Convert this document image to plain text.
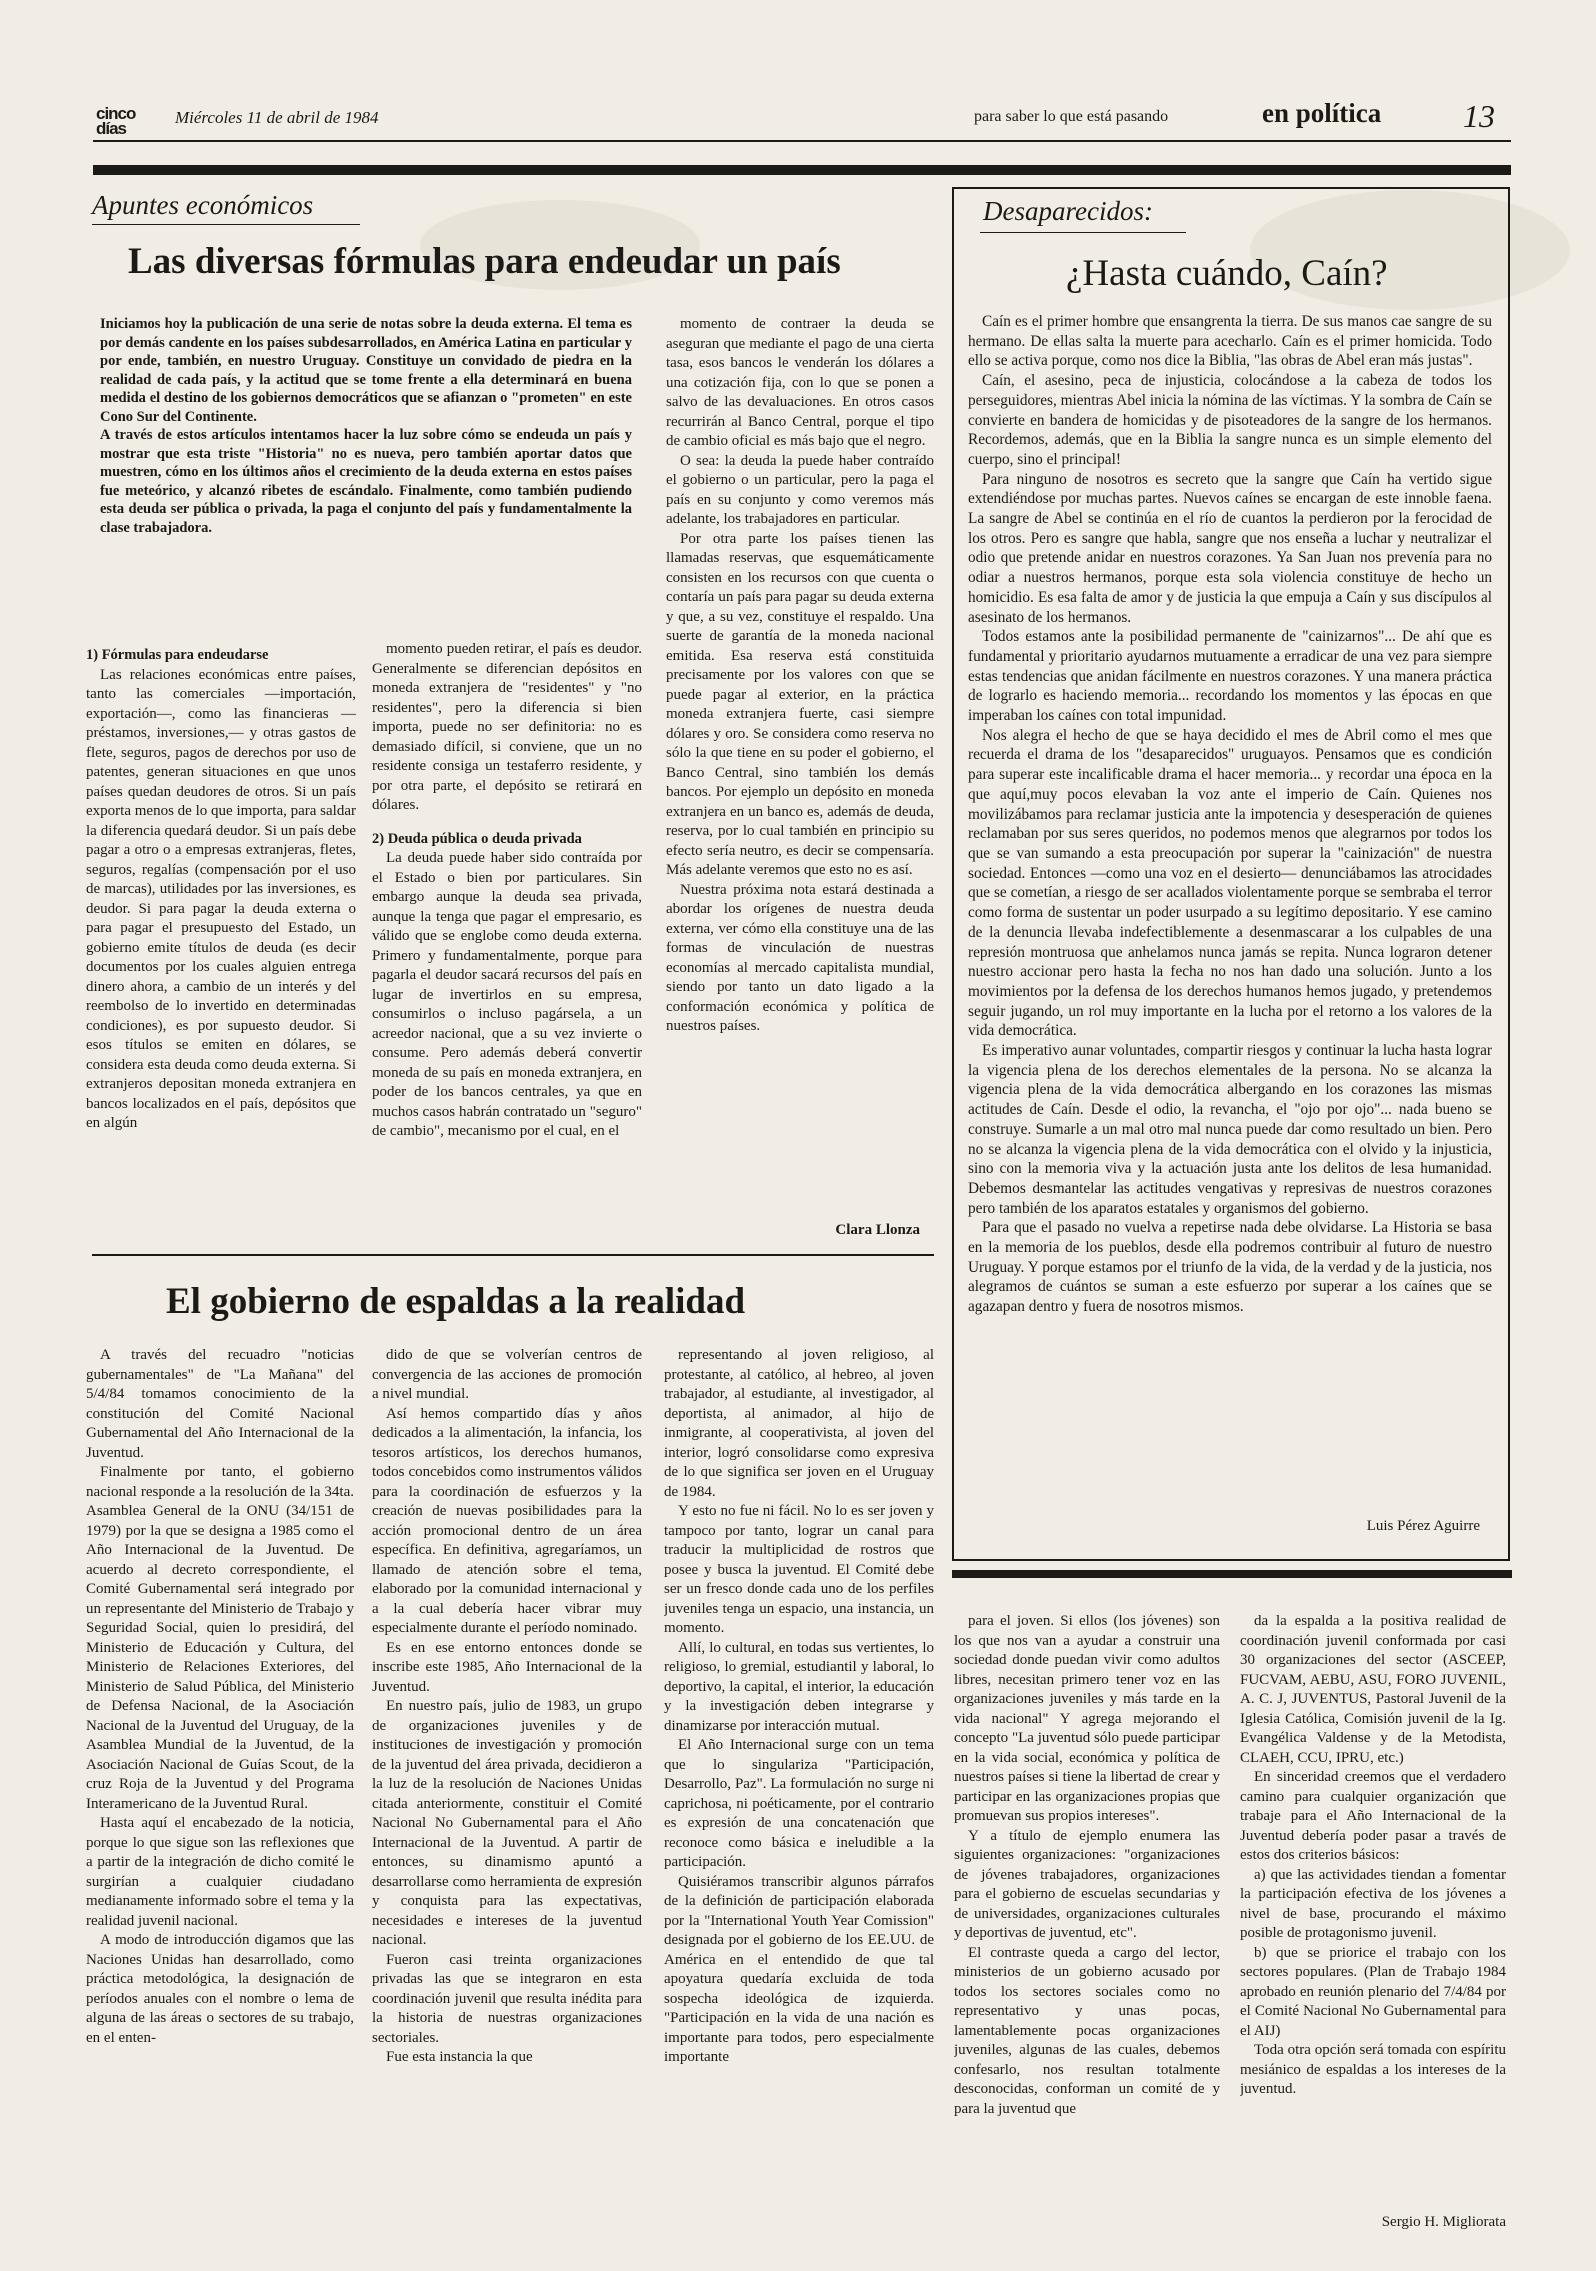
cinco
días
Miércoles 11 de abril de 1984	para saber lo que está pasando	en política	13
Apuntes económicos
Las diversas fórmulas para endeudar un país

Iniciamos hoy la publicación de una serie de notas sobre la deuda externa. El tema es por demás candente en los países subdesarrollados, en América Latina en particular y por ende, también, en nuestro Uruguay. Constituye un convidado de piedra en la realidad de cada país, y la actitud que se tome frente a ella determinará en buena medida el destino de los gobiernos democráticos que se afianzan o "prometen" en este Cono Sur del Continente.

A través de estos artículos intentamos hacer la luz sobre cómo se endeuda un país y mostrar que esta triste "Historia" no es nueva, pero también aportar datos que muestren, cómo en los últimos años el crecimiento de la deuda externa en estos países fue meteórico, y alcanzó ribetes de escándalo. Finalmente, como también pudiendo esta deuda ser pública o privada, la paga el conjunto del país y fundamentalmente la clase trabajadora.

1) Fórmulas para endeudarse

Las relaciones económicas entre países, tanto las comerciales —importación, exportación—, como las financieras —préstamos, inversiones,— y otras gastos de flete, seguros, pagos de derechos por uso de patentes, generan situaciones en que unos países quedan deudores de otros. Si un país exporta menos de lo que importa, para saldar la diferencia quedará deudor. Si un país debe pagar a otro o a empresas extranjeras, fletes, seguros, regalías (compensación por el uso de marcas), utilidades por las inversiones, es deudor. Si para pagar la deuda externa o para pagar el presupuesto del Estado, un gobierno emite títulos de deuda (es decir documentos por los cuales alguien entrega dinero ahora, a cambio de un interés y del reembolso de lo invertido en determinadas condiciones), es por supuesto deudor. Si esos títulos se emiten en dólares, se considera esta deuda como deuda externa. Si extranjeros depositan moneda extranjera en bancos localizados en el país, depósitos que en algún

momento pueden retirar, el país es deudor. Generalmente se diferencian depósitos en moneda extranjera de "residentes" y "no residentes", pero la diferencia si bien importa, puede no ser definitoria: no es demasiado difícil, si conviene, que un no residente consiga un testaferro residente, y por otra parte, el depósito se retirará en dólares.

2) Deuda pública o deuda privada

La deuda puede haber sido contraída por el Estado o bien por particulares. Sin embargo aunque la deuda sea privada, aunque la tenga que pagar el empresario, es válido que se englobe como deuda externa. Primero y fundamentalmente, porque para pagarla el deudor sacará recursos del país en lugar de invertirlos en su empresa, consumirlos o incluso pagársela, a un acreedor nacional, que a su vez invierte o consume. Pero además deberá convertir moneda de su país en moneda extranjera, en poder de los bancos centrales, ya que en muchos casos habrán contratado un "seguro" de cambio", mecanismo por el cual, en el

momento de contraer la deuda se aseguran que mediante el pago de una cierta tasa, esos bancos le venderán los dólares a una cotización fija, con lo que se ponen a salvo de las devaluaciones. En otros casos recurrirán al Banco Central, porque el tipo de cambio oficial es más bajo que el negro.

O sea: la deuda la puede haber contraído el gobierno o un particular, pero la paga el país en su conjunto y como veremos más adelante, los trabajadores en particular.

Por otra parte los países tienen las llamadas reservas, que esquemáticamente consisten en los recursos con que cuenta o contaría un país para pagar su deuda externa y que, a su vez, constituye el respaldo. Una suerte de garantía de la moneda nacional emitida. Esa reserva está constituida precisamente por los valores con que se puede pagar al exterior, en la práctica moneda extranjera fuerte, casi siempre dólares y oro. Se considera como reserva no sólo la que tiene en su poder el gobierno, el Banco Central, sino también los demás bancos. Por ejemplo un depósito en moneda extranjera en un banco es, además de deuda, reserva, por lo cual también en principio su efecto sería neutro, es decir se compensaría. Más adelante veremos que esto no es así.

Nuestra próxima nota estará destinada a abordar los orígenes de nuestra deuda externa, ver cómo ella constituye una de las formas de vinculación de nuestras economías al mercado capitalista mundial, siendo por tanto un dato ligado a la conformación económica y política de nuestros países.

Clara Llonza
Desaparecidos:
¿Hasta cuándo, Caín?

Caín es el primer hombre que ensangrenta la tierra. De sus manos cae sangre de su hermano. De ellas salta la muerte para acecharlo. Caín es el primer homicida. Todo ello se activa porque, como nos dice la Biblia, "las obras de Abel eran más justas".

Caín, el asesino, peca de injusticia, colocándose a la cabeza de todos los perseguidores, mientras Abel inicia la nómina de las víctimas. Y la sombra de Caín se convierte en bandera de homicidas y de pisoteadores de la sangre de los hermanos. Recordemos, además, que en la Biblia la sangre nunca es un simple elemento del cuerpo, sino el principal!

Para ninguno de nosotros es secreto que la sangre que Caín ha vertido sigue extendiéndose por muchas partes. Nuevos caínes se encargan de este innoble faena. La sangre de Abel se continúa en el río de cuantos la perdieron por la ferocidad de los otros. Pero es sangre que habla, sangre que nos enseña a luchar y neutralizar el odio que pretende anidar en nuestros corazones. Ya San Juan nos prevenía para no odiar a nuestros hermanos, porque esta sola violencia constituye de hecho un homicidio. Es esa falta de amor y de justicia la que empuja a Caín y sus discípulos al asesinato de los hermanos.

Todos estamos ante la posibilidad permanente de "cainizarnos"... De ahí que es fundamental y prioritario ayudarnos mutuamente a erradicar de una vez para siempre estas tendencias que anidan fácilmente en nuestros corazones. Y una manera práctica de lograrlo es haciendo memoria... recordando los momentos y las épocas en que imperaban los caínes con total impunidad.

Nos alegra el hecho de que se haya decidido el mes de Abril como el mes que recuerda el drama de los "desaparecidos" uruguayos. Pensamos que es condición para superar este incalificable drama el hacer memoria... y recordar una época en la que aquí,muy pocos elevaban la voz ante el imperio de Caín. Quienes nos movilizábamos para reclamar justicia ante la impotencia y desesperación de quienes reclamaban por sus seres queridos, no podemos menos que alegrarnos por todos los que se van sumando a esta preocupación por superar la "cainización" de nuestra sociedad. Entonces —como una voz en el desierto— denunciábamos las atrocidades que se cometían, a riesgo de ser acallados violentamente porque se sembraba el terror como forma de sustentar un poder usurpado a su legítimo depositario. Y ese camino de la denuncia llevaba indefectiblemente a desenmascarar a los culpables de una represión montruosa que anhelamos nunca jamás se repita. Nunca lograron detener nuestro accionar pero hasta la fecha no nos han dado una solución. Junto a los movimientos por la defensa de los derechos humanos hemos jugado, y pretendemos seguir jugando, un rol muy importante en la lucha por el retorno a los valores de la vida democrática.

Es imperativo aunar voluntades, compartir riesgos y continuar la lucha hasta lograr la vigencia plena de los derechos elementales de la persona. No se alcanza la vigencia plena de la vida democrática albergando en los corazones las mismas actitudes de Caín. Desde el odio, la revancha, el "ojo por ojo"... nada bueno se construye. Sumarle a un mal otro mal nunca puede dar como resultado un bien. Pero no se alcanza la vigencia plena de la vida democrática con el olvido y la injusticia, sino con la memoria viva y la actuación justa ante los delitos de lesa humanidad. Debemos desmantelar las actitudes vengativas y represivas de nuestros corazones pero también de los aparatos estatales y organismos del gobierno.

Para que el pasado no vuelva a repetirse nada debe olvidarse. La Historia se basa en la memoria de los pueblos, desde ella podremos contribuir al futuro de nuestro Uruguay. Y porque estamos por el triunfo de la vida, de la verdad y de la justicia, nos alegramos de cuántos se suman a este esfuerzo por superar a los caínes que se agazapan dentro y fuera de nosotros mismos.

Luis Pérez Aguirre
El gobierno de espaldas a la realidad

A través del recuadro "noticias gubernamentales" de "La Mañana" del 5/4/84 tomamos conocimiento de la constitución del Comité Nacional Gubernamental del Año Internacional de la Juventud.

Finalmente por tanto, el gobierno nacional responde a la resolución de la 34ta. Asamblea General de la ONU (34/151 de 1979) por la que se designa a 1985 como el Año Internacional de la Juventud. De acuerdo al decreto correspondiente, el Comité Gubernamental será integrado por un representante del Ministerio de Trabajo y Seguridad Social, quien lo presidirá, del Ministerio de Educación y Cultura, del Ministerio de Relaciones Exteriores, del Ministerio de Salud Pública, del Ministerio de Defensa Nacional, de la Asociación Nacional de la Juventud del Uruguay, de la Asamblea Mundial de la Juventud, de la Asociación Nacional de Guías Scout, de la cruz Roja de la Juventud y del Programa Interamericano de la Juventud Rural.

Hasta aquí el encabezado de la noticia, porque lo que sigue son las reflexiones que a partir de la integración de dicho comité le surgirían a cualquier ciudadano medianamente informado sobre el tema y la realidad juvenil nacional.

A modo de introducción digamos que las Naciones Unidas han desarrollado, como práctica metodológica, la designación de períodos anuales con el nombre o lema de alguna de las áreas o sectores de su trabajo, en el enten-

dido de que se volverían centros de convergencia de las acciones de promoción a nivel mundial.

Así hemos compartido días y años dedicados a la alimentación, la infancia, los tesoros artísticos, los derechos humanos, todos concebidos como instrumentos válidos para la coordinación de esfuerzos y la creación de nuevas posibilidades para la acción promocional dentro de un área específica. En definitiva, agregaríamos, un llamado de atención sobre el tema, elaborado por la comunidad internacional y a la cual debería hacer vibrar muy especialmente durante el período nominado.

Es en ese entorno entonces donde se inscribe este 1985, Año Internacional de la Juventud.

En nuestro país, julio de 1983, un grupo de organizaciones juveniles y de instituciones de investigación y promoción de la juventud del área privada, decidieron a la luz de la resolución de Naciones Unidas citada anteriormente, constituir el Comité Nacional No Gubernamental para el Año Internacional de la Juventud. A partir de entonces, su dinamismo apuntó a desarrollarse como herramienta de expresión y conquista para las expectativas, necesidades e intereses de la juventud nacional.

Fueron casi treinta organizaciones privadas las que se integraron en esta coordinación juvenil que resulta inédita para la historia de nuestras organizaciones sectoriales.

Fue esta instancia la que

representando al joven religioso, al protestante, al católico, al hebreo, al joven trabajador, al estudiante, al investigador, al deportista, al animador, al hijo de inmigrante, al cooperativista, al joven del interior, logró consolidarse como expresiva de lo que significa ser joven en el Uruguay de 1984.

Y esto no fue ni fácil. No lo es ser joven y tampoco por tanto, lograr un canal para traducir la multiplicidad de rostros que posee y busca la juventud. El Comité debe ser un fresco donde cada uno de los perfiles juveniles tenga un espacio, una instancia, un momento.

Allí, lo cultural, en todas sus vertientes, lo religioso, lo gremial, estudiantil y laboral, lo deportivo, la capital, el interior, la educación y la investigación deben integrarse y dinamizarse por interacción mutual.

El Año Internacional surge con un tema que lo singulariza "Participación, Desarrollo, Paz". La formulación no surge ni caprichosa, ni poéticamente, por el contrario es expresión de una concatenación que reconoce como básica e ineludible a la participación.

Quisiéramos transcribir algunos párrafos de la definición de participación elaborada por la "International Youth Year Comission" designada por el gobierno de los EE.UU. de América en el entendido de que tal apoyatura quedaría excluida de toda sospecha ideológica de izquierda. "Participación en la vida de una nación es importante para todos, pero especialmente importante

para el joven. Si ellos (los jóvenes) son los que nos van a ayudar a construir una sociedad donde puedan vivir como adultos libres, necesitan primero tener voz en las organizaciones juveniles y más tarde en la vida nacional" Y agrega mejorando el concepto "La juventud sólo puede participar en la vida social, económica y política de nuestros países si tiene la libertad de crear y participar en las organizaciones propias que promuevan sus propios intereses".

Y a título de ejemplo enumera las siguientes organizaciones: "organizaciones de jóvenes trabajadores, organizaciones para el gobierno de escuelas secundarias y de universidades, organizaciones culturales y deportivas de juventud, etc".

El contraste queda a cargo del lector, ministerios de un gobierno acusado por todos los sectores sociales como no representativo y unas pocas, lamentablemente pocas organizaciones juveniles, algunas de las cuales, debemos confesarlo, nos resultan totalmente desconocidas, conforman un comité de y para la juventud que

da la espalda a la positiva realidad de coordinación juvenil conformada por casi 30 organizaciones del sector (ASCEEP, FUCVAM, AEBU, ASU, FORO JUVENIL, A. C. J, JUVENTUS, Pastoral Juvenil de la Iglesia Católica, Comisión juvenil de la Ig. Evangélica Valdense y de la Metodista, CLAEH, CCU, IPRU, etc.)

En sinceridad creemos que el verdadero camino para cualquier organización que trabaje para el Año Internacional de la Juventud debería poder pasar a través de estos dos criterios básicos:

a) que las actividades tiendan a fomentar la participación efectiva de los jóvenes a nivel de base, procurando el máximo posible de protagonismo juvenil.

b) que se priorice el trabajo con los sectores populares. (Plan de Trabajo 1984 aprobado en reunión plenario del 7/4/84 por el Comité Nacional No Gubernamental para el AIJ)

Toda otra opción será tomada con espíritu mesiánico de espaldas a los intereses de la juventud.

Sergio H. Migliorata
